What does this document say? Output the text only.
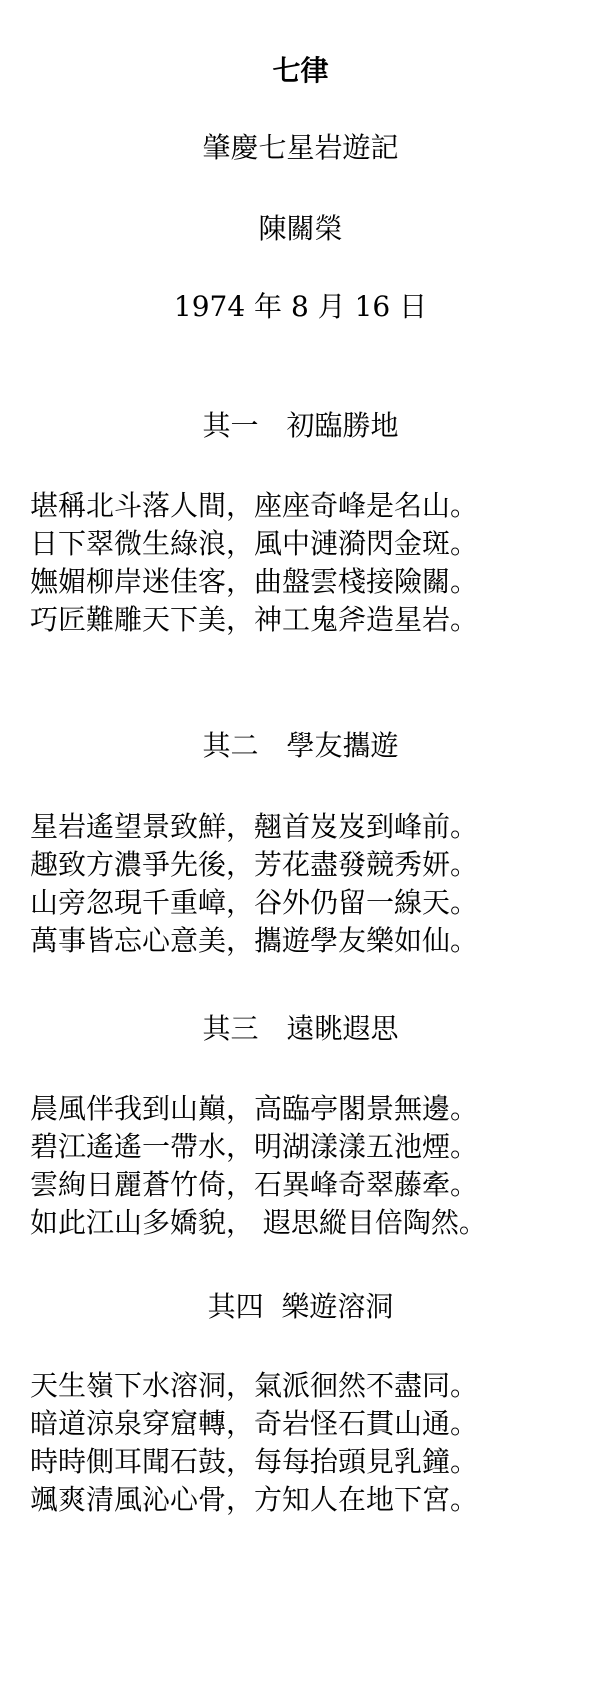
七律
肇慶七星岩遊記
陳關榮
1974 年 8 月 16 日
其一　初臨勝地
堪稱北斗落人間，座座奇峰是名山。
日下翠微生綠浪，風中漣漪閃金斑。
嫵媚柳岸迷佳客，曲盤雲棧接險關。
巧匠難雕天下美，神工鬼斧造星岩。
其二　學友攜遊
星岩遙望景致鮮，翹首岌岌到峰前。
趣致方濃爭先後，芳花盡發競秀妍。
山旁忽現千重嶂，谷外仍留一線天。
萬事皆忘心意美，攜遊學友樂如仙。
其三　遠眺遐思
晨風伴我到山巔，高臨亭閣景無邊。
碧江遙遙一帶水，明湖漾漾五池煙。
雲絢日麗蒼竹倚，石異峰奇翠藤牽。
如此江山多嬌貌， 遐思縱目倍陶然。
其四  樂遊溶洞
天生嶺下水溶洞，氣派徊然不盡同。
暗道涼泉穿窟轉，奇岩怪石貫山通。
時時側耳聞石鼓，每每抬頭見乳鐘。
颯爽清風沁心骨，方知人在地下宮。
